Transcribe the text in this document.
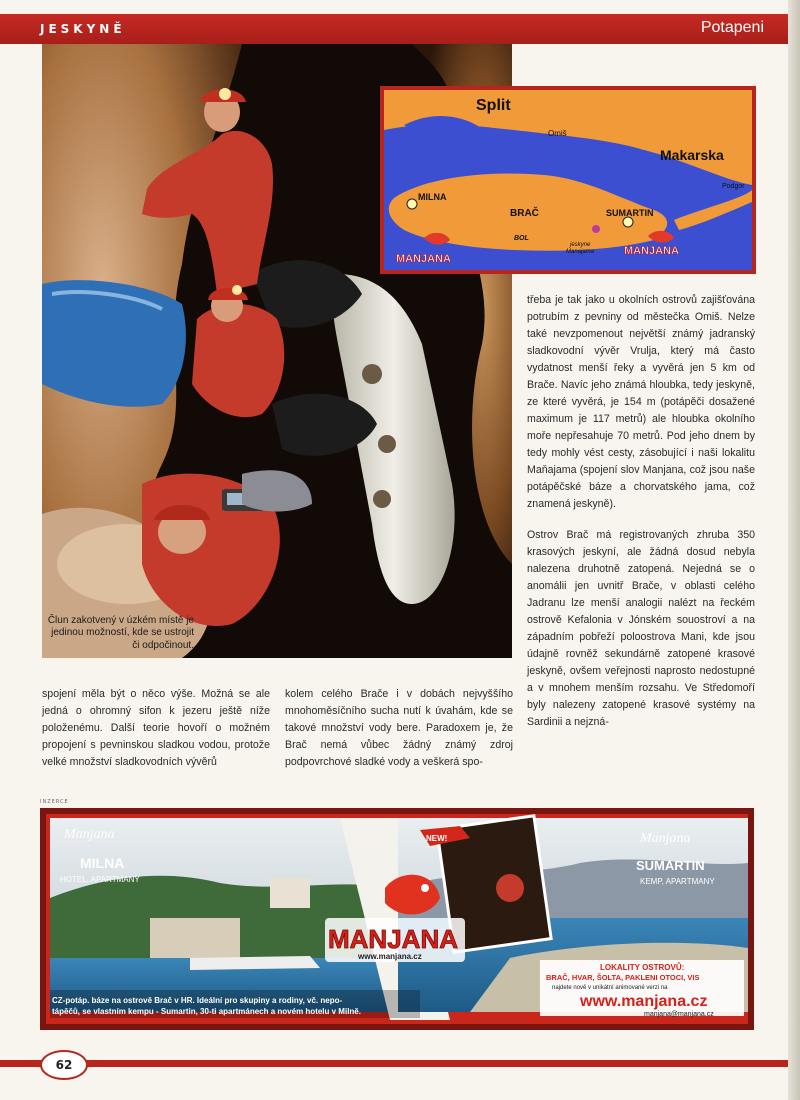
JESKYNĚ	Potapeni
Člun zakotvený v úzkém místě je jedinou možností, kde se ustrojit či odpočinout.
Split
Omiš
Makarska
Podgor
MILNA
BRAČ	SUMARTIN
BOL
jeskyne
Manajama
MANJANA
MANJANA

třeba je tak jako u okolních ostrovů zajišťována potrubím z pevniny od městečka Omiš. Nelze také nevzpomenout největší známý jadranský sladkovodní vývěr Vrulja, který má často vydatnost menší řeky a vyvěrá jen 5 km od Brače. Navíc jeho známá hloubka, tedy jeskyně, ze které vyvěrá, je 154 m (potápěči dosažené maximum je 117 metrů) ale hloubka okolního moře nepřesahuje 70 metrů. Pod jeho dnem by tedy mohly vést cesty, zásobující i naši lokalitu Maňajama (spojení slov Manjana, což jsou naše potápěčské báze a chorvatského jama, což znamená jeskyně).

Ostrov Brač má registrovaných zhruba 350 krasových jeskyní, ale žádná dosud nebyla nalezena druhotně zatopená. Nejedná se o anomálii jen uvnitř Brače, v oblasti celého Jadranu lze menší analogii nalézt na řeckém ostrově Kefalonia v Jónském souostroví a na západním pobřeží poloostrova Mani, kde jsou údajně rovněž sekundárně zatopené krasové jeskyně, ovšem veřejnosti naprosto nedostupné a v mnohem menším rozsahu. Ve Středomoří byly nalezeny zatopené krasové systémy na Sardinii a nejzná-

spojení měla být o něco výše. Možná se ale jedná o ohromný sifon k jezeru ještě níže položenému. Další teorie hovoří o možném propojení s pevninskou sladkou vodou, protože velké množství sladkovodních vývěrů

kolem celého Brače i v dobách nejvyššího mnohoměsíčního sucha nutí k úvahám, kde se takové množství vody bere. Paradoxem je, že Brač nemá vůbec žádný známý zdroj podpovrchové sladké vody a veškerá spo-

INZERCE
MANJANA
www.manjana.cz
NEW!
Manjana
MILNA
HOTEL, APARTMANY
Manjana
SUMARTIN
KEMP, APARTMANY
LOKALITY OSTROVŮ:
BRAČ, HVAR, ŠOLTA, PAKLENI OTOCI, VIS
najdete nově v unikátní animované verzi na
www.manjana.cz
manjana@manjana.cz
CZ-potáp. báze na ostrově Brač v HR. Ideální pro skupiny a rodiny, vč. nepo-
tápěčů, se vlastním kempu - Sumartin, 30-ti apartmánech a novém hotelu v Milně.
62
